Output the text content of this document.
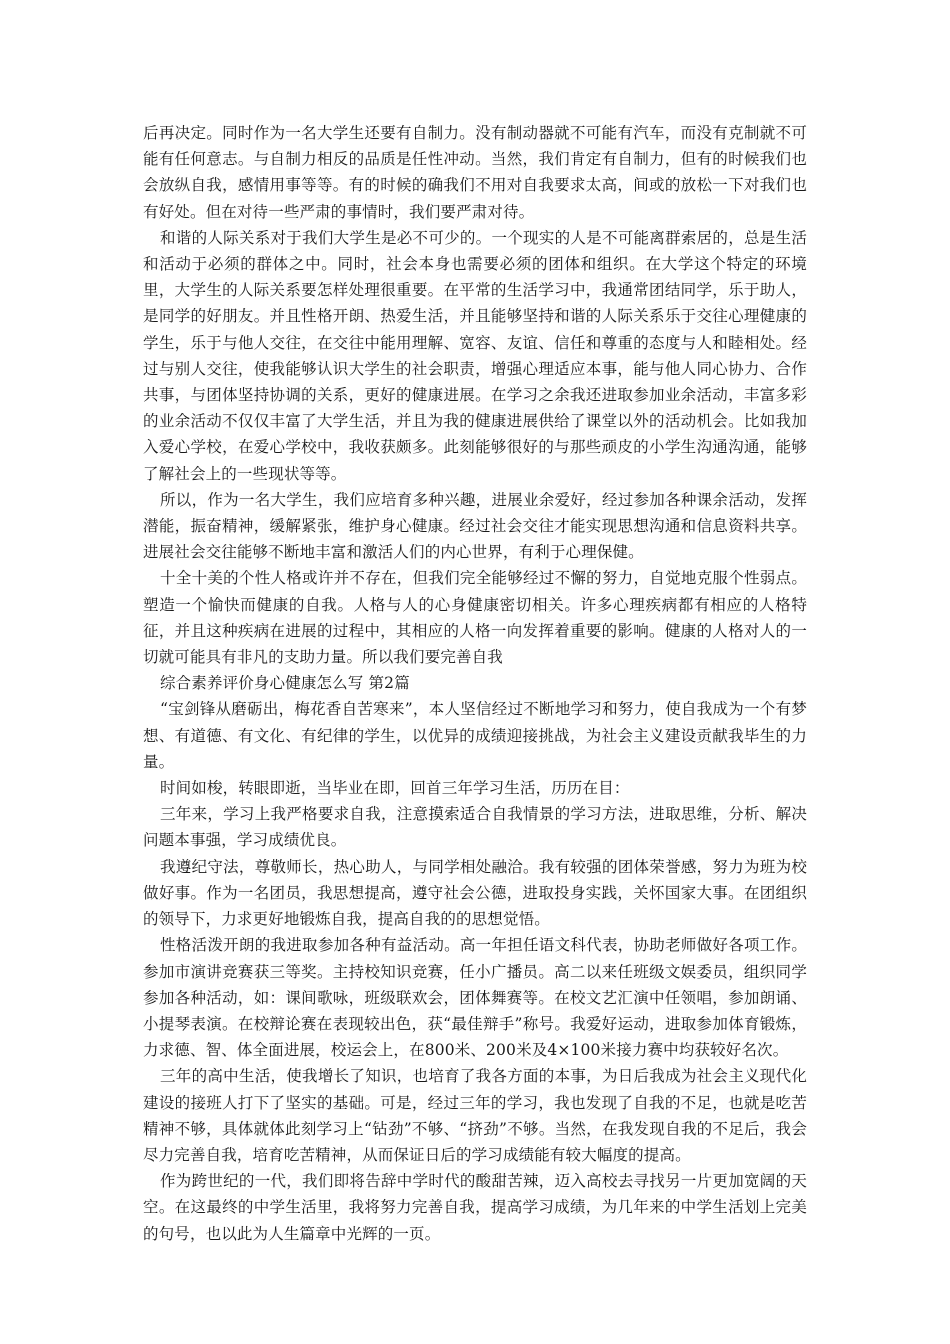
后再决定。同时作为一名大学生还要有自制力。没有制动器就不可能有汽车，而没有克制就不可能有任何意志。与自制力相反的品质是任性冲动。当然，我们肯定有自制力，但有的时候我们也会放纵自我，感情用事等等。有的时候的确我们不用对自我要求太高，间或的放松一下对我们也有好处。但在对待一些严肃的事情时，我们要严肃对待。

和谐的人际关系对于我们大学生是必不可少的。一个现实的人是不可能离群索居的，总是生活和活动于必须的群体之中。同时，社会本身也需要必须的团体和组织。在大学这个特定的环境里，大学生的人际关系要怎样处理很重要。在平常的生活学习中，我通常团结同学，乐于助人，是同学的好朋友。并且性格开朗、热爱生活，并且能够坚持和谐的人际关系乐于交往心理健康的学生，乐于与他人交往，在交往中能用理解、宽容、友谊、信任和尊重的态度与人和睦相处。经过与别人交往，使我能够认识大学生的社会职责，增强心理适应本事，能与他人同心协力、合作共事，与团体坚持协调的关系，更好的健康进展。在学习之余我还进取参加业余活动，丰富多彩的业余活动不仅仅丰富了大学生活，并且为我的健康进展供给了课堂以外的活动机会。比如我加入爱心学校，在爱心学校中，我收获颇多。此刻能够很好的与那些顽皮的小学生沟通沟通，能够了解社会上的一些现状等等。

所以，作为一名大学生，我们应培育多种兴趣，进展业余爱好，经过参加各种课余活动，发挥潜能，振奋精神，缓解紧张，维护身心健康。经过社会交往才能实现思想沟通和信息资料共享。进展社会交往能够不断地丰富和激活人们的内心世界，有利于心理保健。

十全十美的个性人格或许并不存在，但我们完全能够经过不懈的努力，自觉地克服个性弱点。塑造一个愉快而健康的自我。人格与人的心身健康密切相关。许多心理疾病都有相应的人格特征，并且这种疾病在进展的过程中，其相应的人格一向发挥着重要的影响。健康的人格对人的一切就可能具有非凡的支助力量。所以我们要完善自我

综合素养评价身心健康怎么写 第2篇

“宝剑锋从磨砺出，梅花香自苦寒来”，本人坚信经过不断地学习和努力，使自我成为一个有梦想、有道德、有文化、有纪律的学生，以优异的成绩迎接挑战，为社会主义建设贡献我毕生的力量。

时间如梭，转眼即逝，当毕业在即，回首三年学习生活，历历在目：

三年来，学习上我严格要求自我，注意摸索适合自我情景的学习方法，进取思维，分析、解决问题本事强，学习成绩优良。

我遵纪守法，尊敬师长，热心助人，与同学相处融洽。我有较强的团体荣誉感，努力为班为校做好事。作为一名团员，我思想提高，遵守社会公德，进取投身实践，关怀国家大事。在团组织的领导下，力求更好地锻炼自我，提高自我的的思想觉悟。

性格活泼开朗的我进取参加各种有益活动。高一年担任语文科代表，协助老师做好各项工作。参加市演讲竞赛获三等奖。主持校知识竞赛，任小广播员。高二以来任班级文娱委员，组织同学参加各种活动，如：课间歌咏，班级联欢会，团体舞赛等。在校文艺汇演中任领唱，参加朗诵、小提琴表演。在校辩论赛在表现较出色，获“最佳辩手”称号。我爱好运动，进取参加体育锻炼，力求德、智、体全面进展，校运会上，在800米、200米及4×100米接力赛中均获较好名次。

三年的高中生活，使我增长了知识，也培育了我各方面的本事，为日后我成为社会主义现代化建设的接班人打下了坚实的基础。可是，经过三年的学习，我也发现了自我的不足，也就是吃苦精神不够，具体就体此刻学习上“钻劲”不够、“挤劲”不够。当然，在我发现自我的不足后，我会尽力完善自我，培育吃苦精神，从而保证日后的学习成绩能有较大幅度的提高。

作为跨世纪的一代，我们即将告辞中学时代的酸甜苦辣，迈入高校去寻找另一片更加宽阔的天空。在这最终的中学生活里，我将努力完善自我，提高学习成绩，为几年来的中学生活划上完美的句号，也以此为人生篇章中光辉的一页。
